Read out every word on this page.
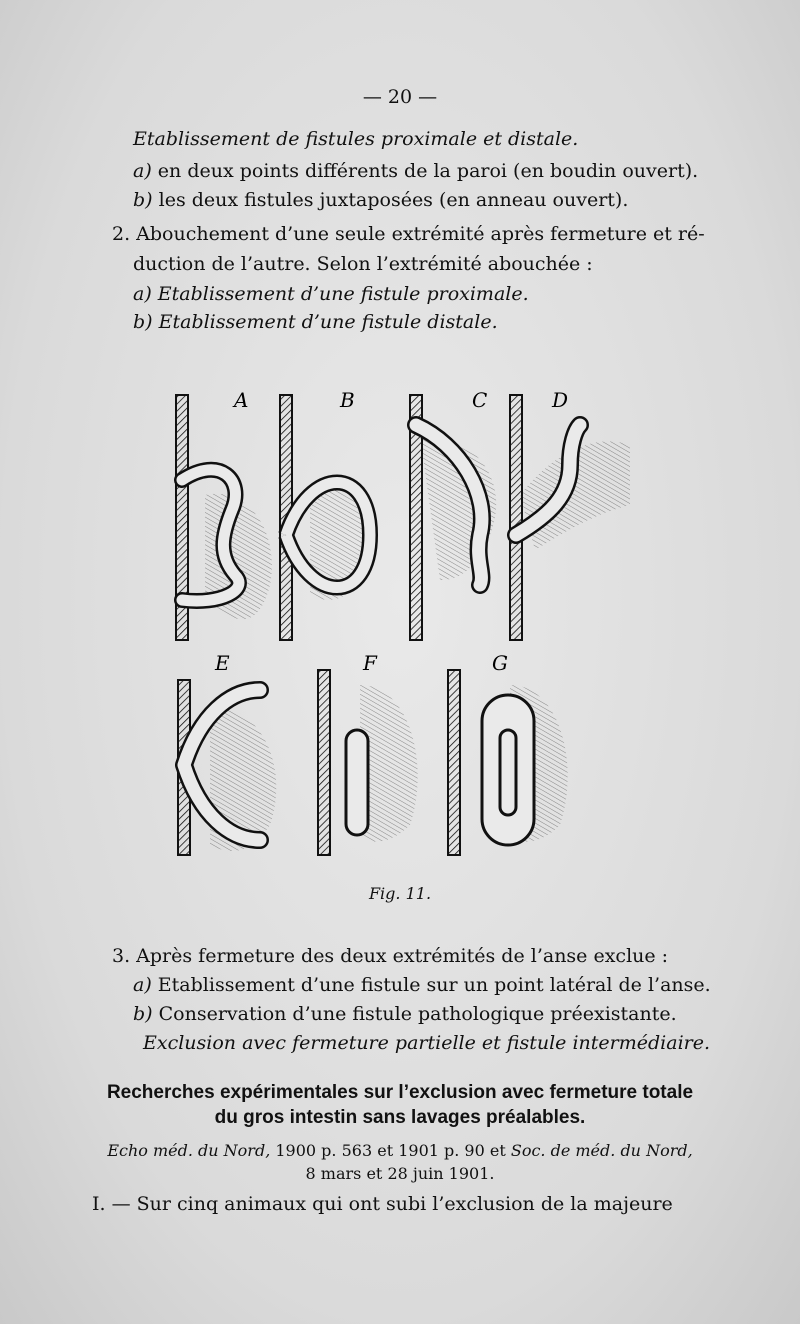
— 20 —
Etablissement de fistules proximale et distale.
a) en deux points différents de la paroi (en boudin ouvert).
b) les deux fistules juxtaposées (en anneau ouvert).
2. Abouchement d’une seule extrémité après fermeture et ré-
duction de l’autre. Selon l’extrémité abouchée :
a) Etablissement d’une fistule proximale.
b) Etablissement d’une fistule distale.
A	B	C	D
E	F	G
Fig. 11.
3. Après fermeture des deux extrémités de l’anse exclue :
a) Etablissement d’une fistule sur un point latéral de l’anse.
b) Conservation d’une fistule pathologique préexistante.
Exclusion avec fermeture partielle et fistule intermédiaire.
Recherches expérimentales sur l’exclusion avec fermeture totale
du gros intestin sans lavages préalables.
Echo méd. du Nord, 1900 p. 563 et 1901 p. 90 et Soc. de méd. du Nord,
8 mars et 28 juin 1901.
I. — Sur cinq animaux qui ont subi l’exclusion de la majeure
